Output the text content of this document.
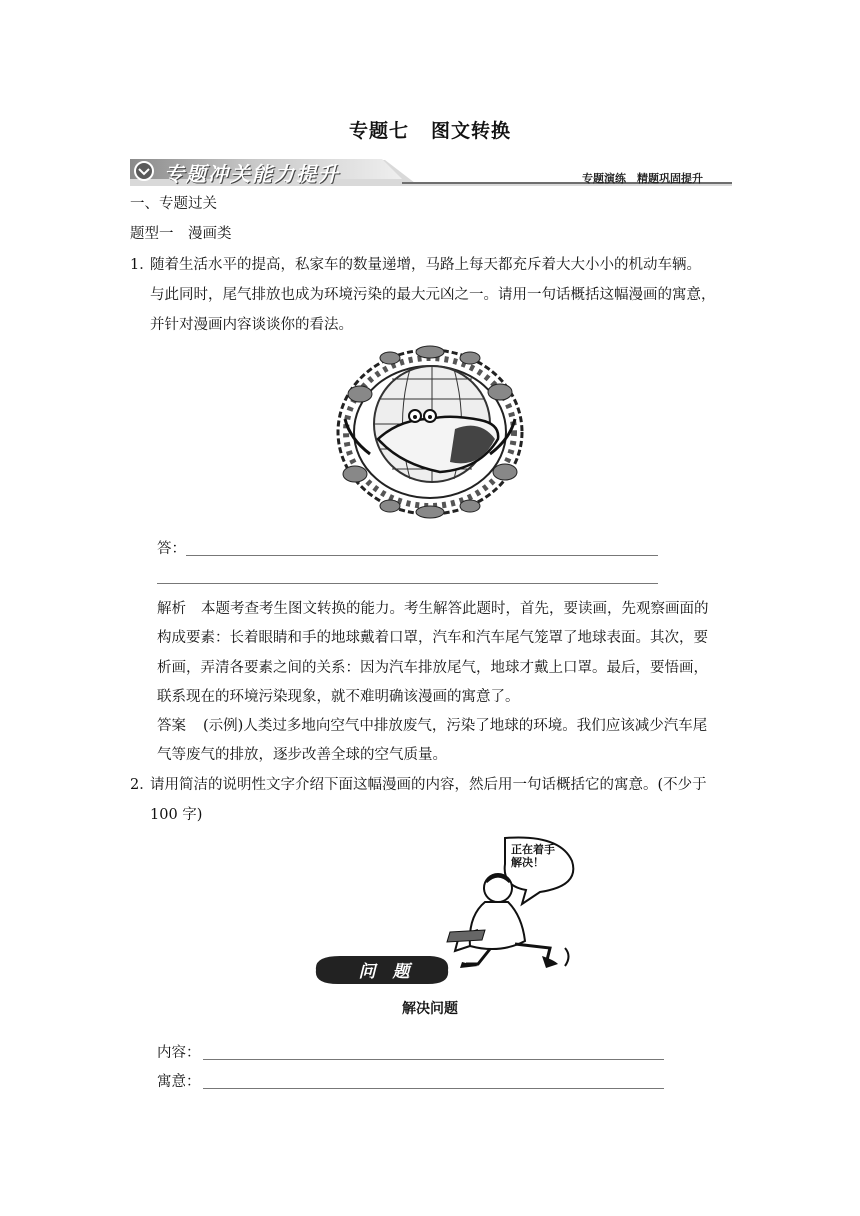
专题七 图文转换
专题冲关能力提升	专题演练　精题巩固提升
一、专题过关
题型一　漫画类
1．
随着生活水平的提高，私家车的数量递增，马路上每天都充斥着大大小小的机动车辆。
与此同时，尾气排放也成为环境污染的最大元凶之一。请用一句话概括这幅漫画的寓意，
并针对漫画内容谈谈你的看法。
答：
解析 本题考查考生图文转换的能力。考生解答此题时，首先，要读画，先观察画面的
构成要素：长着眼睛和手的地球戴着口罩，汽车和汽车尾气笼罩了地球表面。其次，要
析画，弄清各要素之间的关系：因为汽车排放尾气，地球才戴上口罩。最后，要悟画，
联系现在的环境污染现象，就不难明确该漫画的寓意了。
答案 (示例)人类过多地向空气中排放废气，污染了地球的环境。我们应该减少汽车尾
气等废气的排放，逐步改善全球的空气质量。
2．
请用简洁的说明性文字介绍下面这幅漫画的内容，然后用一句话概括它的寓意。(不少于
100 字)
正在着手
解决！
问　题
解决问题
内容：
寓意：
